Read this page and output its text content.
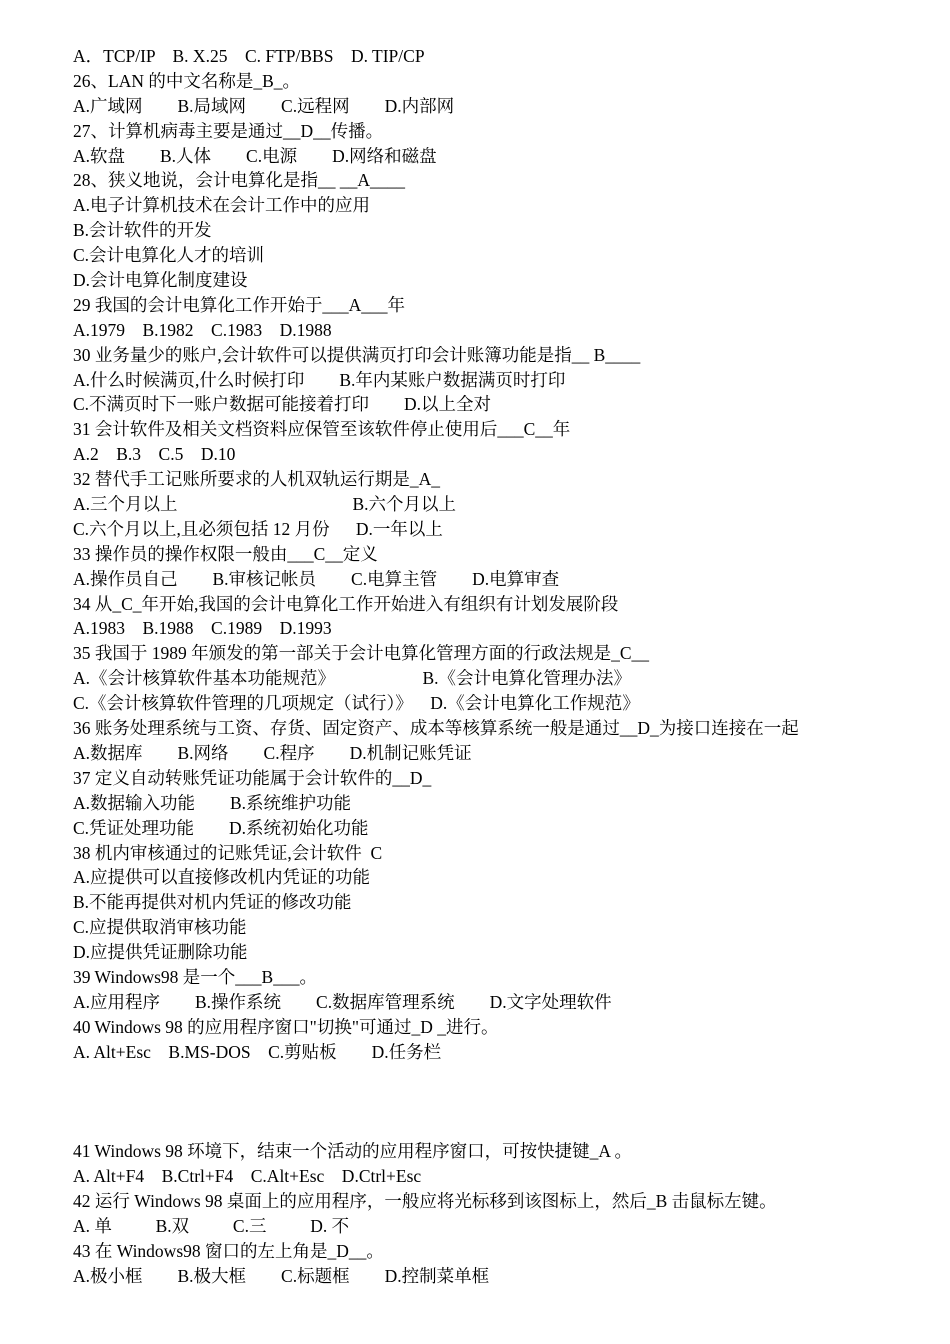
A．TCP/IP    B. X.25    C. FTP/BBS    D. TIP/CP
26、LAN 的中文名称是_B_。
A.广域网        B.局域网        C.远程网        D.内部网
27、计算机病毒主要是通过__D__传播。
A.软盘        B.人体        C.电源        D.网络和磁盘
28、狭义地说，会计电算化是指__ __A____
A.电子计算机技术在会计工作中的应用
B.会计软件的开发
C.会计电算化人才的培训
D.会计电算化制度建设
29 我国的会计电算化工作开始于___A___年
A.1979    B.1982    C.1983    D.1988
30 业务量少的账户,会计软件可以提供满页打印会计账簿功能是指__ B____
A.什么时候满页,什么时候打印        B.年内某账户数据满页时打印
C.不满页时下一账户数据可能接着打印        D.以上全对
31 会计软件及相关文档资料应保管至该软件停止使用后___C__年
A.2    B.3    C.5    D.10
32 替代手工记账所要求的人机双轨运行期是_A_
A.三个月以上                                        B.六个月以上
C.六个月以上,且必须包括 12 月份      D.一年以上
33 操作员的操作权限一般由___C__定义
A.操作员自己        B.审核记帐员        C.电算主管        D.电算审查
34 从_C_年开始,我国的会计电算化工作开始进入有组织有计划发展阶段
A.1983    B.1988    C.1989    D.1993
35 我国于 1989 年颁发的第一部关于会计电算化管理方面的行政法规是_C__
A.《会计核算软件基本功能规范》                    B.《会计电算化管理办法》
C.《会计核算软件管理的几项规定（试行）》    D.《会计电算化工作规范》
36 账务处理系统与工资、存货、固定资产、成本等核算系统一般是通过__D_为接口连接在一起
A.数据库        B.网络        C.程序        D.机制记账凭证
37 定义自动转账凭证功能属于会计软件的__D_
A.数据输入功能        B.系统维护功能
C.凭证处理功能        D.系统初始化功能
38 机内审核通过的记账凭证,会计软件  C
A.应提供可以直接修改机内凭证的功能
B.不能再提供对机内凭证的修改功能
C.应提供取消审核功能
D.应提供凭证删除功能
39 Windows98 是一个___B___。
A.应用程序        B.操作系统        C.数据库管理系统        D.文字处理软件
40 Windows 98 的应用程序窗口"切换"可通过_D _进行。
A. Alt+Esc    B.MS-DOS    C.剪贴板        D.任务栏
41 Windows 98 环境下，结束一个活动的应用程序窗口，可按快捷键_A 。
A. Alt+F4    B.Ctrl+F4    C.Alt+Esc    D.Ctrl+Esc
42 运行 Windows 98 桌面上的应用程序，一般应将光标移到该图标上，然后_B 击鼠标左键。
A. 单          B.双          C.三          D. 不
43 在 Windows98 窗口的左上角是_D__。
A.极小框        B.极大框        C.标题框        D.控制菜单框
